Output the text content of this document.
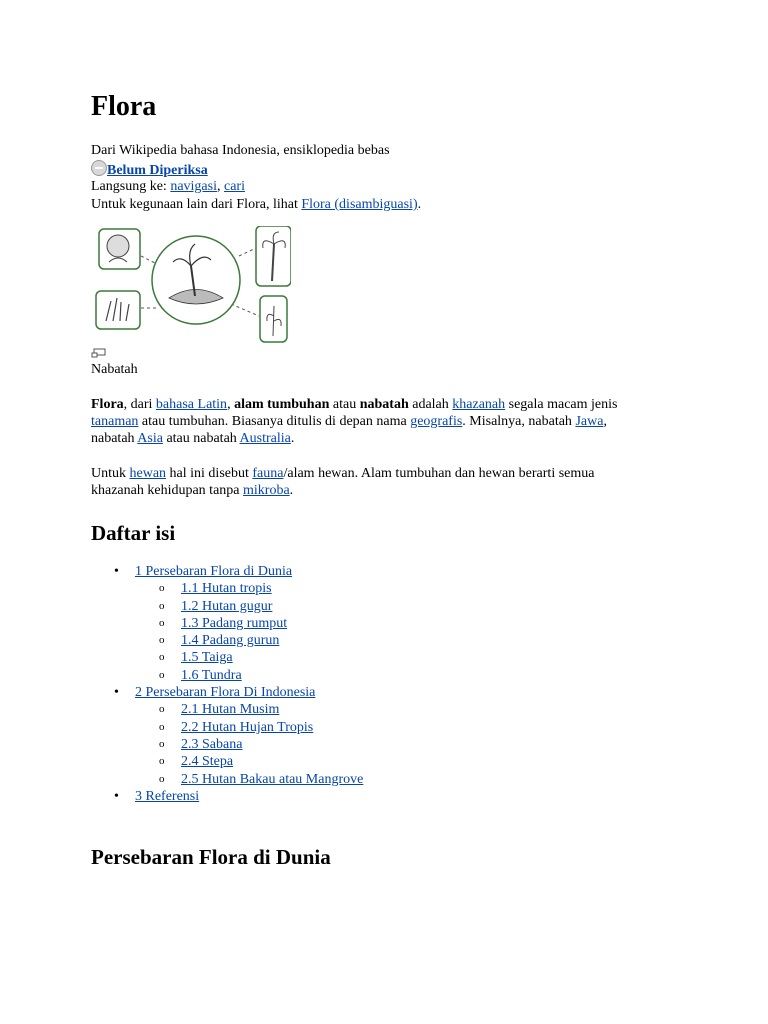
Flora
Dari Wikipedia bahasa Indonesia, ensiklopedia bebas
Belum Diperiksa
Langsung ke: navigasi, cari
Untuk kegunaan lain dari Flora, lihat Flora (disambiguasi).
Nabatah

Flora, dari bahasa Latin, alam tumbuhan atau nabatah adalah khazanah segala macam jenis
tanaman atau tumbuhan. Biasanya ditulis di depan nama geografis. Misalnya, nabatah Jawa,
nabatah Asia atau nabatah Australia.

Untuk hewan hal ini disebut fauna/alam hewan. Alam tumbuhan dan hewan berarti semua
khazanah kehidupan tanpa mikroba.

Daftar isi
• 1 Persebaran Flora di Dunia
o 1.1 Hutan tropis
o 1.2 Hutan gugur
o 1.3 Padang rumput
o 1.4 Padang gurun
o 1.5 Taiga
o 1.6 Tundra
• 2 Persebaran Flora Di Indonesia
o 2.1 Hutan Musim
o 2.2 Hutan Hujan Tropis
o 2.3 Sabana
o 2.4 Stepa
o 2.5 Hutan Bakau atau Mangrove
• 3 Referensi
Persebaran Flora di Dunia
